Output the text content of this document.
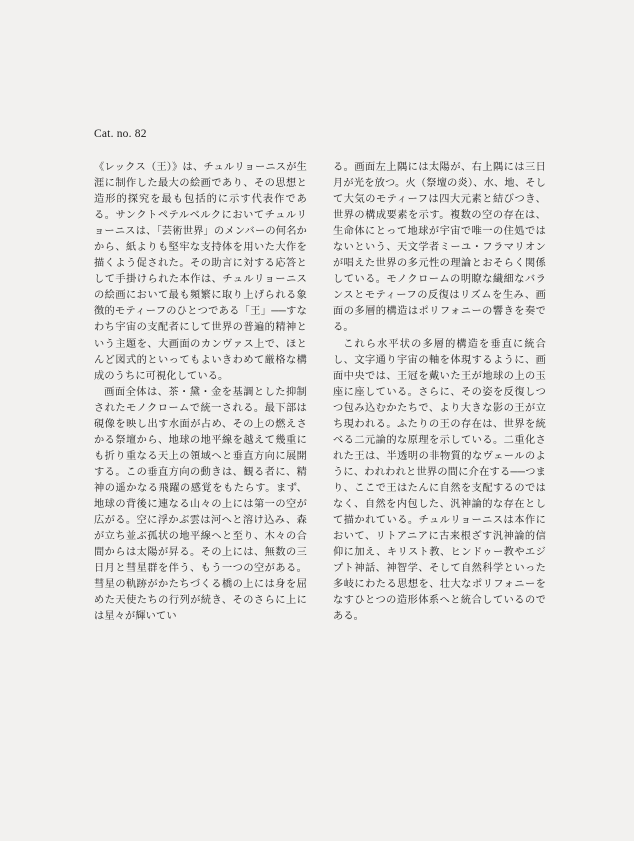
Cat. no. 82

《レックス（王）》は、チュルリョーニスが生涯に制作した最大の絵画であり、その思想と造形的探究を最も包括的に示す代表作である。サンクトペテルベルクにおいてチュルリョーニスは、「芸術世界」のメンバーの何名かから、紙よりも堅牢な支持体を用いた大作を描くよう促された。その助言に対する応答として手掛けられた本作は、チュルリョーニスの絵画において最も頻繁に取り上げられる象徴的モティーフのひとつである「王」──すなわち宇宙の支配者にして世界の普遍的精神という主題を、大画面のカンヴァス上で、ほとんど図式的といってもよいきわめて厳格な構成のうちに可視化している。

画面全体は、茶・黛・金を基調とした抑制されたモノクロームで統一される。最下部は硯像を映し出す水面が占め、その上の燃えさかる祭壇から、地球の地平線を越えて幾重にも折り重なる天上の領域へと垂直方向に展開する。この垂直方向の動きは、観る者に、精神の遥かなる飛躍の感覚をもたらす。まず、地球の背後に連なる山々の上には第一の空が広がる。空に浮かぶ雲は河へと溶け込み、森が立ち並ぶ孤状の地平線へと至り、木々の合間からは太陽が昇る。その上には、無数の三日月と彗星群を伴う、もう一つの空がある。彗星の軌跡がかたちづくる橋の上には身を屈めた天使たちの行列が続き、そのさらに上には星々が輝いてい

る。画面左上隅には太陽が、右上隅には三日月が光を放つ。火（祭壇の炎）、水、地、そして大気のモティーフは四大元素と結びつき、世界の構成要素を示す。複数の空の存在は、生命体にとって地球が宇宙で唯一の住処ではないという、天文学者ミーユ・フラマリオンが唱えた世界の多元性の理論とおそらく関係している。モノクロームの明瞭な繊細なバランスとモティーフの反復はリズムを生み、画面の多層的構造はポリフォニーの響きを奏でる。

これら水平状の多層的構造を垂直に統合し、文字通り宇宙の軸を体現するように、画面中央では、王冠を戴いた王が地球の上の玉座に座している。さらに、その姿を反復しつつ包み込むかたちで、より大きな影の王が立ち現われる。ふたりの王の存在は、世界を統べる二元論的な原理を示している。二重化された王は、半透明の非物質的なヴェールのように、われわれと世界の間に介在する──つまり、ここで王はたんに自然を支配するのではなく、自然を内包した、汎神論的な存在として描かれている。チュルリョーニスは本作において、リトアニアに古来根ざす汎神論的信仰に加え、キリスト教、ヒンドゥー教やエジプト神話、神智学、そして自然科学といった多岐にわたる思想を、壮大なポリフォニーをなすひとつの造形体系へと統合しているのである。
